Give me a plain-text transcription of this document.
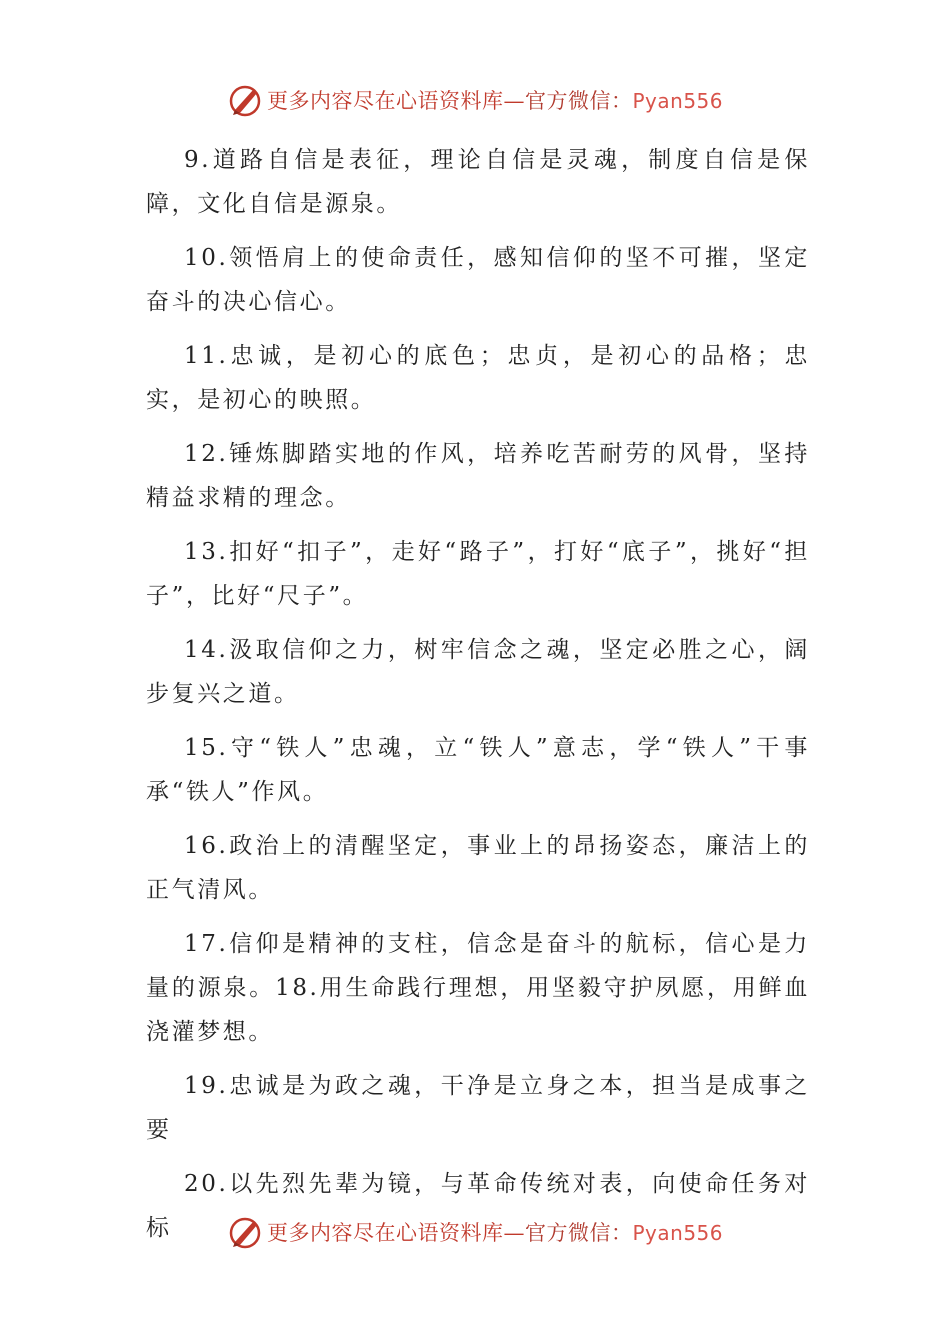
更多内容尽在心语资料库—官方微信：Pyan556

9.道路自信是表征，理论自信是灵魂，制度自信是保障，文化自信是源泉。

10.领悟肩上的使命责任，感知信仰的坚不可摧，坚定奋斗的决心信心。

11.忠诚，是初心的底色；忠贞，是初心的品格；忠实，是初心的映照。

12.锤炼脚踏实地的作风，培养吃苦耐劳的风骨，坚持精益求精的理念。

13.扣好“扣子”，走好“路子”，打好“底子”，挑好“担子”，比好“尺子”。

14.汲取信仰之力，树牢信念之魂，坚定必胜之心，阔步复兴之道。

15.守“铁人”忠魂，立“铁人”意志，学“铁人”干事承“铁人”作风。

16.政治上的清醒坚定，事业上的昂扬姿态，廉洁上的正气清风。

17.信仰是精神的支柱，信念是奋斗的航标，信心是力量的源泉。18.用生命践行理想，用坚毅守护夙愿，用鲜血浇灌梦想。

19.忠诚是为政之魂，干净是立身之本，担当是成事之要

20.以先烈先辈为镜，与革命传统对表，向使命任务对标	更多内容尽在心语资料库—官方微信：Pyan556
